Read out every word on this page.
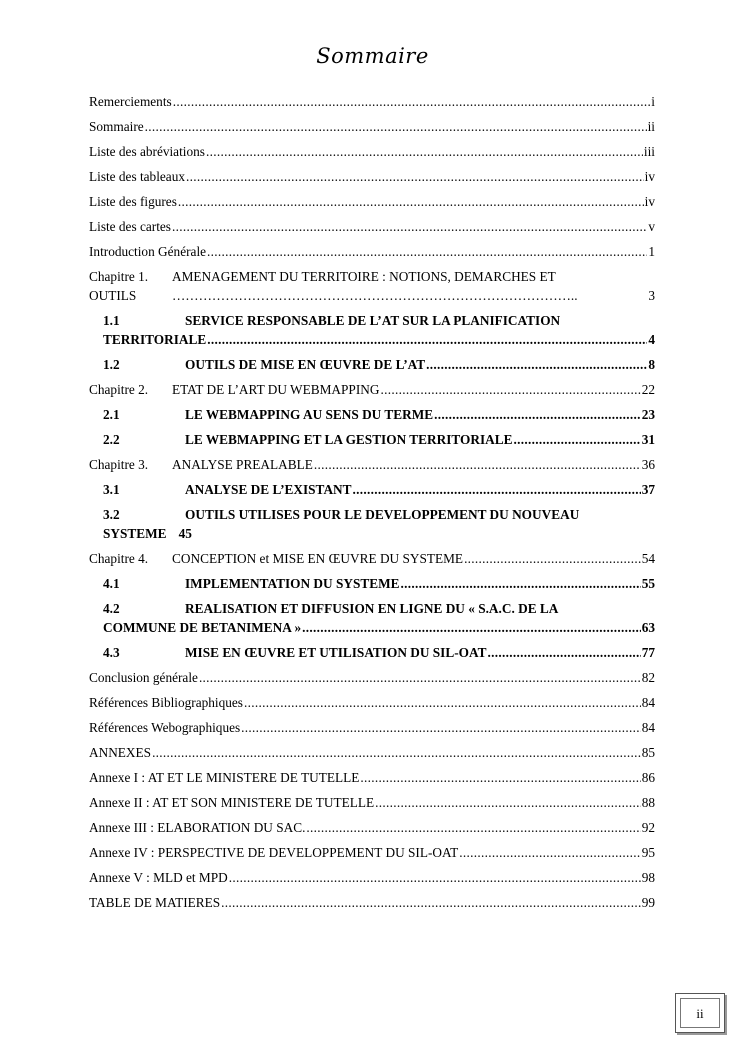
Sommaire
Remerciements .....	i
Sommaire .....	ii
Liste des abréviations .....	iii
Liste des tableaux .....	iv
Liste des figures .....	iv
Liste des cartes .....	v
Introduction Générale .....	1
Chapitre 1. AMENAGEMENT DU TERRITOIRE : NOTIONS, DEMARCHES ET
OUTILS	………………………………………………………………………………..	3
1.1	SERVICE RESPONSABLE DE L’AT SUR LA PLANIFICATION
TERRITORIALE .....	4
1.2	OUTILS DE MISE EN ŒUVRE DE L’AT .....	8
Chapitre 2. ETAT DE L’ART DU WEBMAPPING .....	22
2.1	LE WEBMAPPING AU SENS DU TERME .....	23
2.2	LE WEBMAPPING ET LA GESTION TERRITORIALE .....	31
Chapitre 3. ANALYSE PREALABLE .....	36
3.1	ANALYSE DE L’EXISTANT .....	37
3.2	OUTILS UTILISES POUR LE DEVELOPPEMENT DU NOUVEAU
SYSTEME 45
Chapitre 4. CONCEPTION et MISE EN ŒUVRE DU SYSTEME .....	54
4.1	IMPLEMENTATION DU SYSTEME .....	55
4.2	REALISATION ET DIFFUSION EN LIGNE DU « S.A.C. DE LA
COMMUNE DE BETANIMENA » .....	63
4.3	MISE EN ŒUVRE ET UTILISATION DU SIL-OAT .....	77
Conclusion générale .....	82
Références Bibliographiques .....	84
Références Webographiques .....	84
ANNEXES .....	85
Annexe I : AT ET LE MINISTERE DE TUTELLE .....	86
Annexe II : AT ET SON MINISTERE DE TUTELLE .....	88
Annexe III : ELABORATION DU SAC. .....	92
Annexe IV : PERSPECTIVE DE DEVELOPPEMENT DU SIL-OAT .....	95
Annexe V : MLD et MPD .....	98
TABLE DE MATIERES .....	99
ii
